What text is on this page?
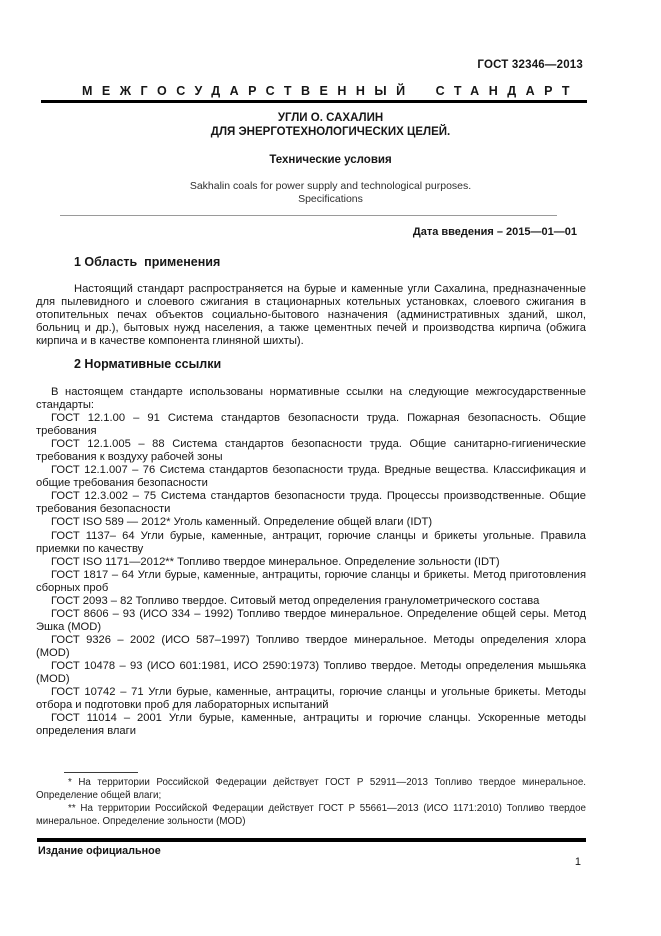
ГОСТ 32346—2013
МЕЖГОСУДАРСТВЕННЫЙ СТАНДАРТ
УГЛИ О. САХАЛИН
ДЛЯ ЭНЕРГОТЕХНОЛОГИЧЕСКИХ ЦЕЛЕЙ.
Технические условия
Sakhalin coals for power supply and technological purposes.
Specifications
Дата введения – 2015—01—01
1 Область  применения

Настоящий стандарт распространяется на бурые и каменные угли Сахалина, предназначенные для пылевидного и слоевого сжигания в стационарных котельных установках, слоевого сжигания в отопительных печах объектов социально-бытового назначения (административных зданий, школ, больниц и др.), бытовых нужд населения, а также цементных печей и производства кирпича (обжига кирпича и в качестве компонента глиняной шихты).

2 Нормативные ссылки

В настоящем стандарте использованы нормативные ссылки на следующие межгосударственные стандарты:

ГОСТ 12.1.00 – 91 Система стандартов безопасности труда. Пожарная безопасность. Общие требования

ГОСТ 12.1.005 – 88 Система стандартов безопасности труда. Общие санитарно-гигиенические требования к воздуху рабочей зоны

ГОСТ 12.1.007 – 76 Система стандартов безопасности труда. Вредные вещества. Классификация и общие требования безопасности

ГОСТ 12.3.002 – 75 Система стандартов безопасности труда. Процессы производственные. Общие требования безопасности

ГОСТ ISO 589 — 2012* Уголь каменный. Определение общей влаги (IDT)

ГОСТ 1137– 64 Угли бурые, каменные, антрацит, горючие сланцы и брикеты угольные. Правила приемки по качеству

ГОСТ ISO 1171—2012** Топливо твердое минеральное. Определение зольности (IDT)

ГОСТ 1817 – 64 Угли бурые, каменные, антрациты, горючие сланцы и брикеты. Метод приготовления сборных проб

ГОСТ 2093 – 82 Топливо твердое. Ситовый метод определения гранулометрического состава

ГОСТ 8606 – 93 (ИСО 334 – 1992) Топливо твердое минеральное. Определение общей серы. Метод Эшка (MOD)

ГОСТ 9326 – 2002 (ИСО 587–1997) Топливо твердое минеральное. Методы определения хлора (MOD)

ГОСТ 10478 – 93 (ИСО 601:1981, ИСО 2590:1973) Топливо твердое. Методы определения мышьяка (MOD)

ГОСТ 10742 – 71 Угли бурые, каменные, антрациты, горючие сланцы и угольные брикеты. Методы отбора и подготовки проб для лабораторных испытаний

ГОСТ 11014 – 2001 Угли бурые, каменные, антрациты и горючие сланцы. Ускоренные методы определения влаги

* На территории Российской Федерации действует ГОСТ Р 52911—2013 Топливо твердое минеральное. Определение общей влаги;

** На территории Российской Федерации действует ГОСТ Р 55661—2013 (ИСО 1171:2010) Топливо твердое минеральное. Определение зольности (MOD)

Издание официальное
1
